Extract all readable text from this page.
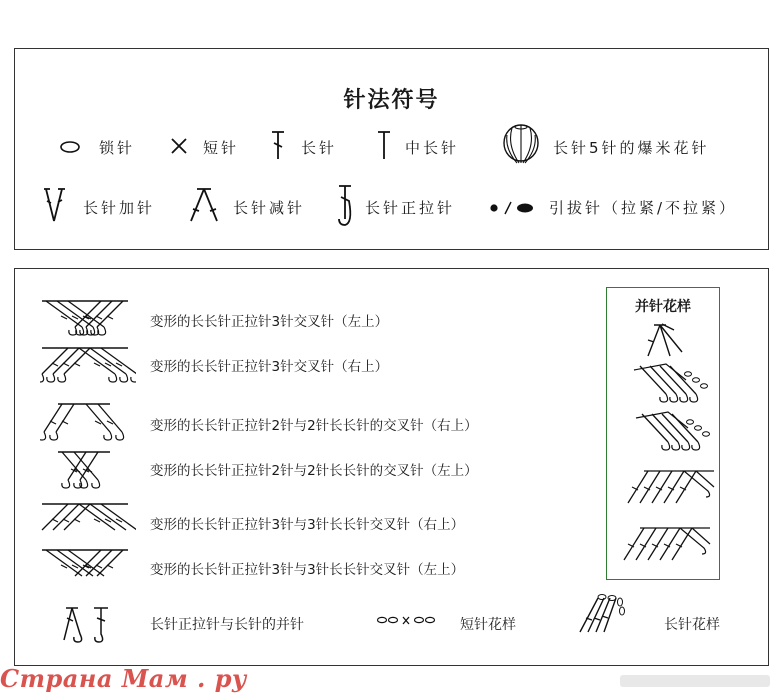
针法符号
锁针	短针	长针	中长针	长针5针的爆米花针
长针加针	长针减针	长针正拉针	引拔针（拉紧/不拉紧）
变形的长长针正拉针3针交叉针（左上）
变形的长长针正拉针3针交叉针（右上）
变形的长长针正拉针2针与2针长长针的交叉针（右上）
变形的长长针正拉针2针与2针长长针的交叉针（左上）
变形的长长针正拉针3针与3针长长针交叉针（右上）
变形的长长针正拉针3针与3针长长针交叉针（左上）
并针花样
长针正拉针与长针的并针	短针花样	长针花样
Страна Мам . ру
